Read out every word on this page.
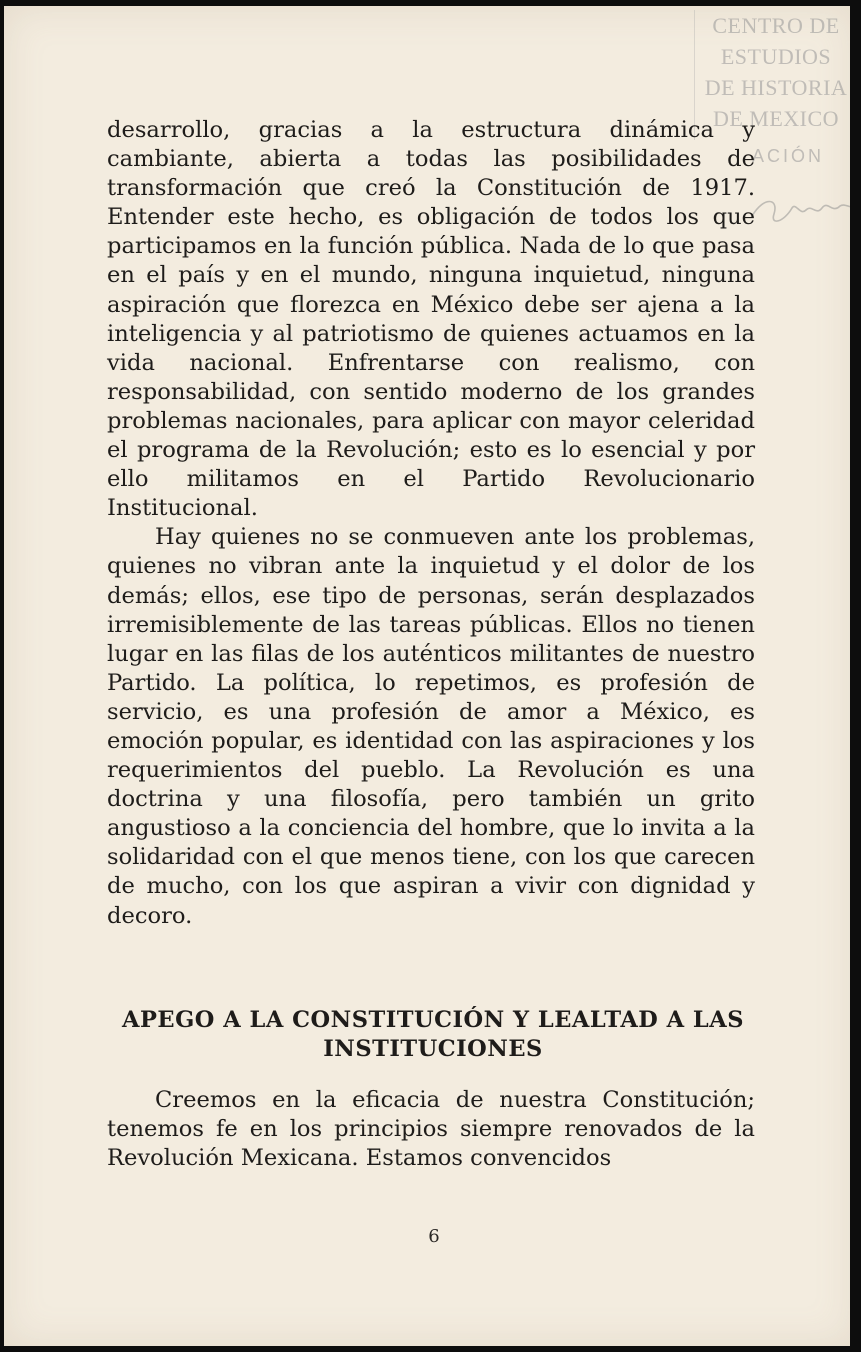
CENTRO DE
ESTUDIOS
DE HISTORIA
DE MEXICO
ACIÓN

desarrollo, gracias a la estructura dinámica y cambiante, abierta a todas las posibilidades de transformación que creó la Constitución de 1917. Entender este hecho, es obligación de todos los que participamos en la función pública. Nada de lo que pasa en el país y en el mundo, ninguna inquietud, ninguna aspiración que florezca en México debe ser ajena a la inteligencia y al patriotismo de quienes actuamos en la vida nacional. Enfrentarse con realismo, con responsabilidad, con sentido moderno de los grandes problemas nacionales, para aplicar con mayor celeridad el programa de la Revolución; esto es lo esencial y por ello militamos en el Partido Revolucionario Institucional.

Hay quienes no se conmueven ante los problemas, quienes no vibran ante la inquietud y el dolor de los demás; ellos, ese tipo de personas, serán desplazados irremisiblemente de las tareas públicas. Ellos no tienen lugar en las filas de los auténticos militantes de nuestro Partido. La política, lo repetimos, es profesión de servicio, es una profesión de amor a México, es emoción popular, es identidad con las aspiraciones y los requerimientos del pueblo. La Revolución es una doctrina y una filosofía, pero también un grito angustioso a la conciencia del hombre, que lo invita a la solidaridad con el que menos tiene, con los que carecen de mucho, con los que aspiran a vivir con dignidad y decoro.

APEGO A LA CONSTITUCIÓN Y LEALTAD A LAS INSTITUCIONES

Creemos en la eficacia de nuestra Constitución; tenemos fe en los principios siempre renovados de la Revolución Mexicana. Estamos convencidos

6
